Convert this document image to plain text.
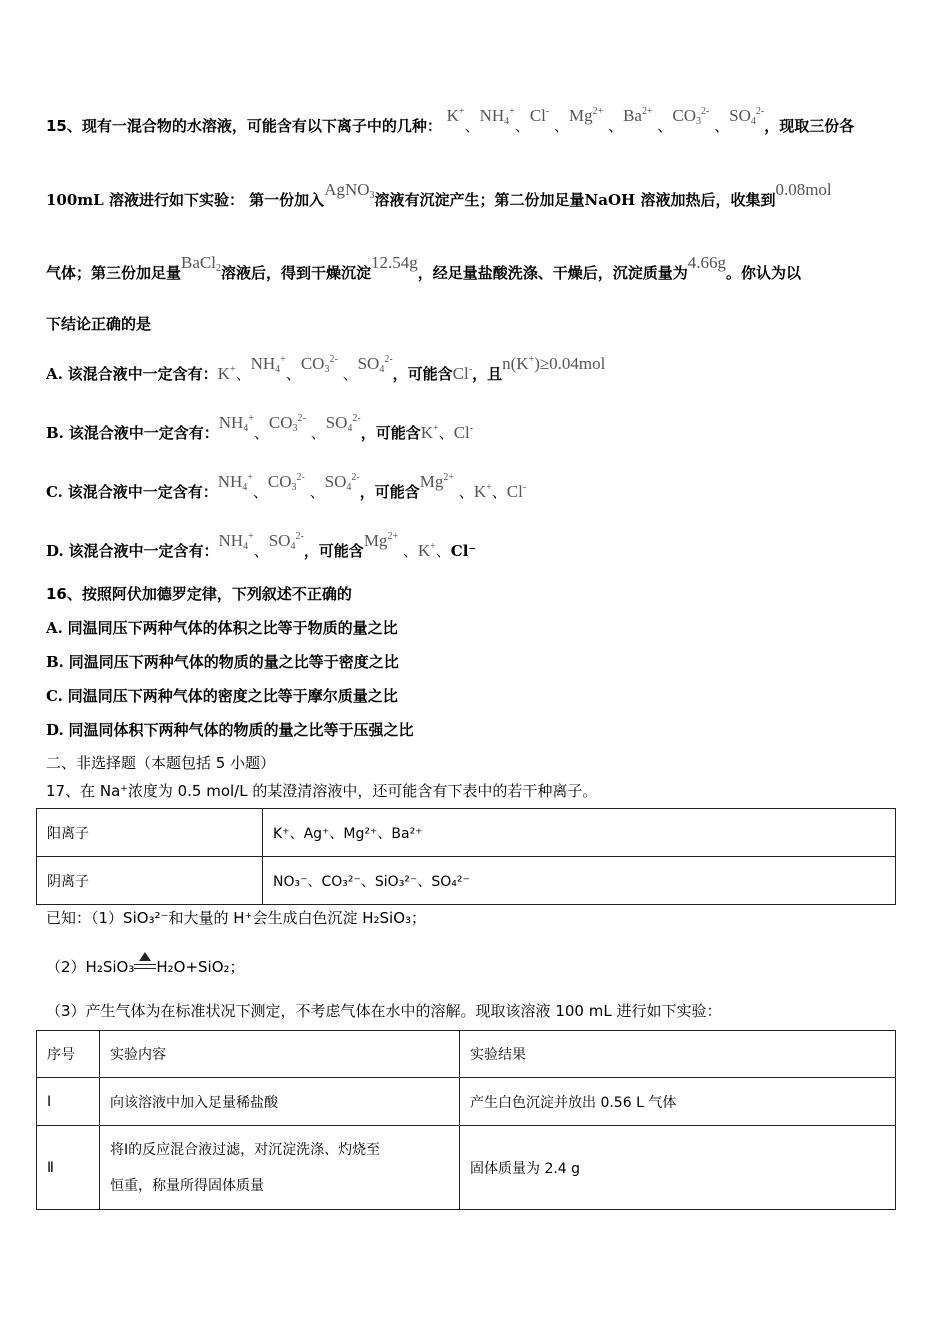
15、现有一混合物的水溶液，可能含有以下离子中的几种： K+、$NH_4^+$、Cl- 、$Mg^{2+}$ 、$Ba^{2+}$ 、$CO_3^{2-}$ 、$SO_4^{2-}$，现取三份各
100mL 溶液进行如下实验： 第一份加入AgNO$_3$溶液有沉淀产生；第二份加足量NaOH 溶液加热后，收集到0.08mol
气体；第三份加足量BaCl$_2$溶液后，得到干燥沉淀12.54g，经足量盐酸洗涤、干燥后，沉淀质量为4.66g。你认为以
下结论正确的是
A. 该混合液中一定含有：K+、$NH_4^+$、$CO_3^{2-}$ 、$SO_4^{2-}$，可能含Cl-，且n(K+)≥0.04mol
B. 该混合液中一定含有：$NH_4^+$、$CO_3^{2-}$ 、$SO_4^{2-}$，可能含K+、Cl-
C. 该混合液中一定含有：$NH_4^+$、$CO_3^{2-}$ 、$SO_4^{2-}$，可能含$Mg^{2+}$ 、K+、Cl-
D. 该混合液中一定含有：$NH_4^+$、$SO_4^{2-}$，可能含$Mg^{2+}$ 、K+、Cl⁻
16、按照阿伏加德罗定律，下列叙述不正确的
A. 同温同压下两种气体的体积之比等于物质的量之比
B. 同温同压下两种气体的物质的量之比等于密度之比
C. 同温同压下两种气体的密度之比等于摩尔质量之比
D. 同温同体积下两种气体的物质的量之比等于压强之比
二、非选择题（本题包括 5 小题）
17、在 Na+浓度为 0.5 mol/L 的某澄清溶液中，还可能含有下表中的若干种离子。
阳离子	K⁺、Ag⁺、Mg²⁺、Ba²⁺
阴离子	NO₃⁻、CO₃²⁻、SiO₃²⁻、SO₄²⁻
已知：（1）SiO₃²⁻和大量的 H⁺会生成白色沉淀 H₂SiO₃；
（2）H₂SiO₃ H₂O+SiO₂；
（3）产生气体为在标准状况下测定，不考虑气体在水中的溶解。现取该溶液 100 mL 进行如下实验：
序号	实验内容	实验结果
Ⅰ	向该溶液中加入足量稀盐酸	产生白色沉淀并放出 0.56 L 气体
Ⅱ	将Ⅰ的反应混合液过滤，对沉淀洗涤、灼烧至
恒重，称量所得固体质量	固体质量为 2.4 g
